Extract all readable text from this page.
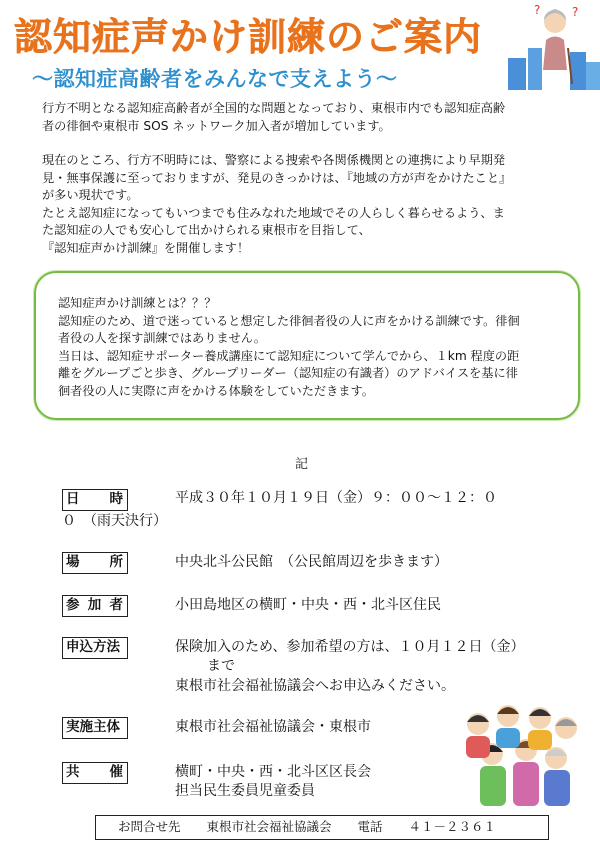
認知症声かけ訓練のご案内
～認知症高齢者をみんなで支えよう～
?	?

行方不明となる認知症高齢者が全国的な問題となっており、東根市内でも認知症高齢

者の徘徊や東根市 SOS ネットワーク加入者が増加しています。

現在のところ、行方不明時には、警察による捜索や各関係機関との連携により早期発

見・無事保護に至っておりますが、発見のきっかけは、『地域の方が声をかけたこと』

が多い現状です。

たとえ認知症になってもいつまでも住みなれた地域でその人らしく暮らせるよう、ま

た認知症の人でも安心して出かけられる東根市を目指して、

『認知症声かけ訓練』を開催します！

認知症声かけ訓練とは？？？

認知症のため、道で迷っていると想定した徘徊者役の人に声をかける訓練です。徘徊

者役の人を探す訓練ではありません。

当日は、認知症サポーター養成講座にて認知症について学んでから、１km 程度の距

離をグループごと歩き、グループリーダー（認知症の有識者）のアドバイスを基に徘

徊者役の人に実際に声をかける体験をしていただきます。

記
日 時	平成３０年１０月１９日（金）９：００～１２：０
０　（雨天決行）
場 所	中央北斗公民館　（公民館周辺を歩きます）
参 加 者	小田島地区の横町・中央・西・北斗区住民
申込方法	保険加入のため、参加希望の方は、１０月１２日（金）
まで
東根市社会福祉協議会へお申込みください。
実施主体	東根市社会福祉協議会・東根市
共 催	横町・中央・西・北斗区区長会
担当民生委員児童委員
お問合せ先 東根市社会福祉協議会 電話 ４１－２３６１
